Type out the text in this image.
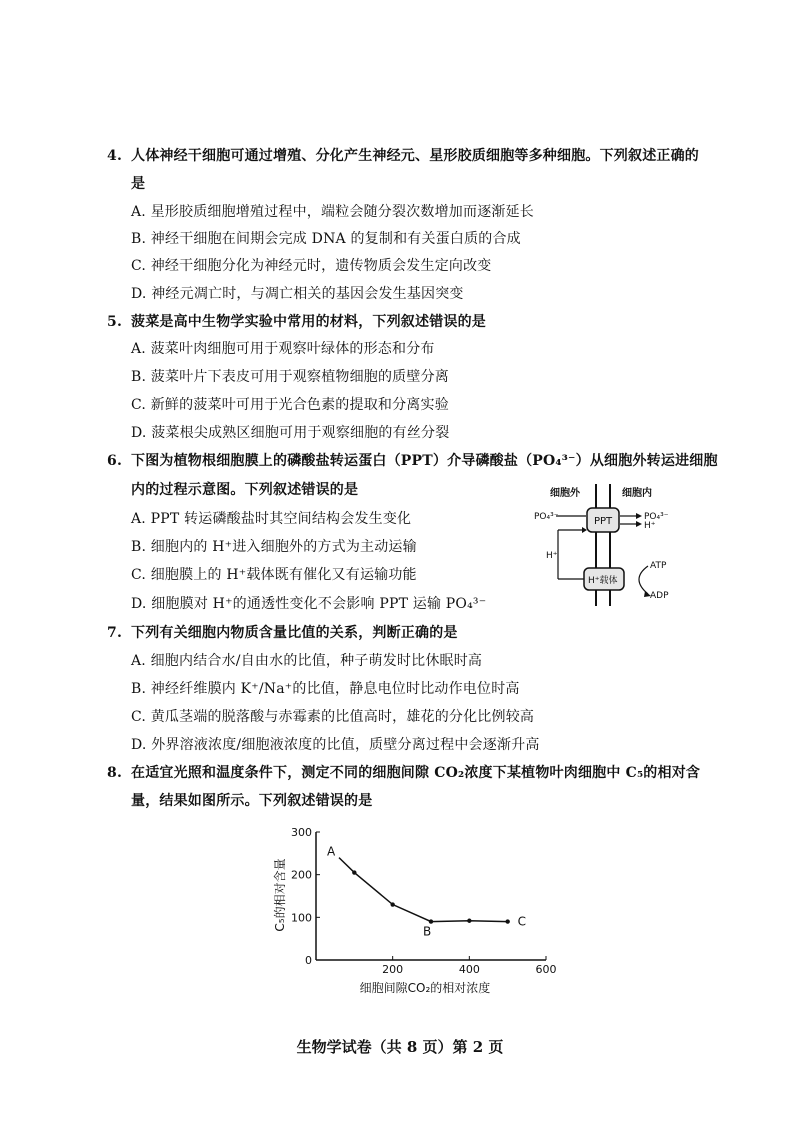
4. 人体神经干细胞可通过增殖、分化产生神经元、星形胶质细胞等多种细胞。下列叙述正确的
是
A. 星形胶质细胞增殖过程中，端粒会随分裂次数增加而逐渐延长
B. 神经干细胞在间期会完成 DNA 的复制和有关蛋白质的合成
C. 神经干细胞分化为神经元时，遗传物质会发生定向改变
D. 神经元凋亡时，与凋亡相关的基因会发生基因突变
5. 菠菜是高中生物学实验中常用的材料，下列叙述错误的是
A. 菠菜叶肉细胞可用于观察叶绿体的形态和分布
B. 菠菜叶片下表皮可用于观察植物细胞的质壁分离
C. 新鲜的菠菜叶可用于光合色素的提取和分离实验
D. 菠菜根尖成熟区细胞可用于观察细胞的有丝分裂
6. 下图为植物根细胞膜上的磷酸盐转运蛋白（PPT）介导磷酸盐（PO₄³⁻）从细胞外转运进细胞
内的过程示意图。下列叙述错误的是
A. PPT 转运磷酸盐时其空间结构会发生变化
B. 细胞内的 H⁺进入细胞外的方式为主动运输
C. 细胞膜上的 H⁺载体既有催化又有运输功能
D. 细胞膜对 H⁺的通透性变化不会影响 PPT 运输 PO₄³⁻
细胞外	细胞内
PPT
H⁺载体
PO₄³⁻	PO₄³⁻
H⁺
H⁺
ATP
ADP
7. 下列有关细胞内物质含量比值的关系，判断正确的是
A. 细胞内结合水/自由水的比值，种子萌发时比休眠时高
B. 神经纤维膜内 K⁺/Na⁺的比值，静息电位时比动作电位时高
C. 黄瓜茎端的脱落酸与赤霉素的比值高时，雄花的分化比例较高
D. 外界溶液浓度/细胞液浓度的比值，质壁分离过程中会逐渐升高
8. 在适宜光照和温度条件下，测定不同的细胞间隙 CO₂浓度下某植物叶肉细胞中 C₅的相对含
量，结果如图所示。下列叙述错误的是
200	400	600
0
100
200
300
A
B
C
细胞间隙CO₂的相对浓度
C₅的相对含量
生物学试卷（共 8 页）第 2 页
